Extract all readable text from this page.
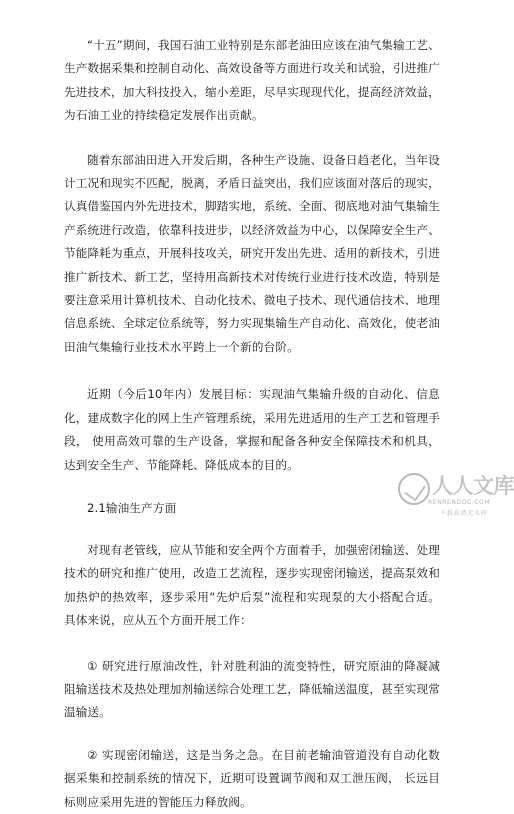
“十五”期间，我国石油工业特别是东部老油田应该在油气集输工艺、生产数据采集和控制自动化、高效设备等方面进行攻关和试验，引进推广先进技术，加大科技投入，缩小差距，尽早实现现代化，提高经济效益，为石油工业的持续稳定发展作出贡献。

随着东部油田进入开发后期，各种生产设施、设备日趋老化，当年设计工况和现实不匹配，脱离，矛盾日益突出，我们应该面对落后的现实，认真借鉴国内外先进技术，脚踏实地，系统、全面、彻底地对油气集输生产系统进行改造，依靠科技进步，以经济效益为中心，以保障安全生产、节能降耗为重点，开展科技攻关，研究开发出先进、适用的新技术，引进推广新技术、新工艺，坚持用高新技术对传统行业进行技术改造，特别是要注意采用计算机技术、自动化技术、微电子技术、现代通信技术、地理信息系统、全球定位系统等，努力实现集输生产自动化、高效化，使老油田油气集输行业技术水平跨上一个新的台阶。

近期（今后10年内）发展目标：实现油气集输升级的自动化、信息化，建成数字化的网上生产管理系统，采用先进适用的生产工艺和管理手段， 使用高效可靠的生产设备，掌握和配备各种安全保障技术和机具， 达到安全生产、节能降耗、降低成本的目的。

2.1输油生产方面

对现有老管线，应从节能和安全两个方面着手，加强密闭输送、处理技术的研究和推广使用，改造工艺流程，逐步实现密闭输送，提高泵效和加热炉的热效率，逐步采用“先炉后泵”流程和实现泵的大小搭配合适。 具体来说，应从五个方面开展工作：

① 研究进行原油改性，针对胜利油的流变特性，研究原油的降凝减阻输送技术及热处理加剂输送综合处理工艺，降低输送温度，甚至实现常温输送。

② 实现密闭输送，这是当务之急。在目前老输油管道没有自动化数据采集和控制系统的情况下，近期可设置调节阀和双工泄压阀， 长远目标则应采用先进的智能压力释放阀。

人人文库
RENRENDOC.COM
下载高清无水印
